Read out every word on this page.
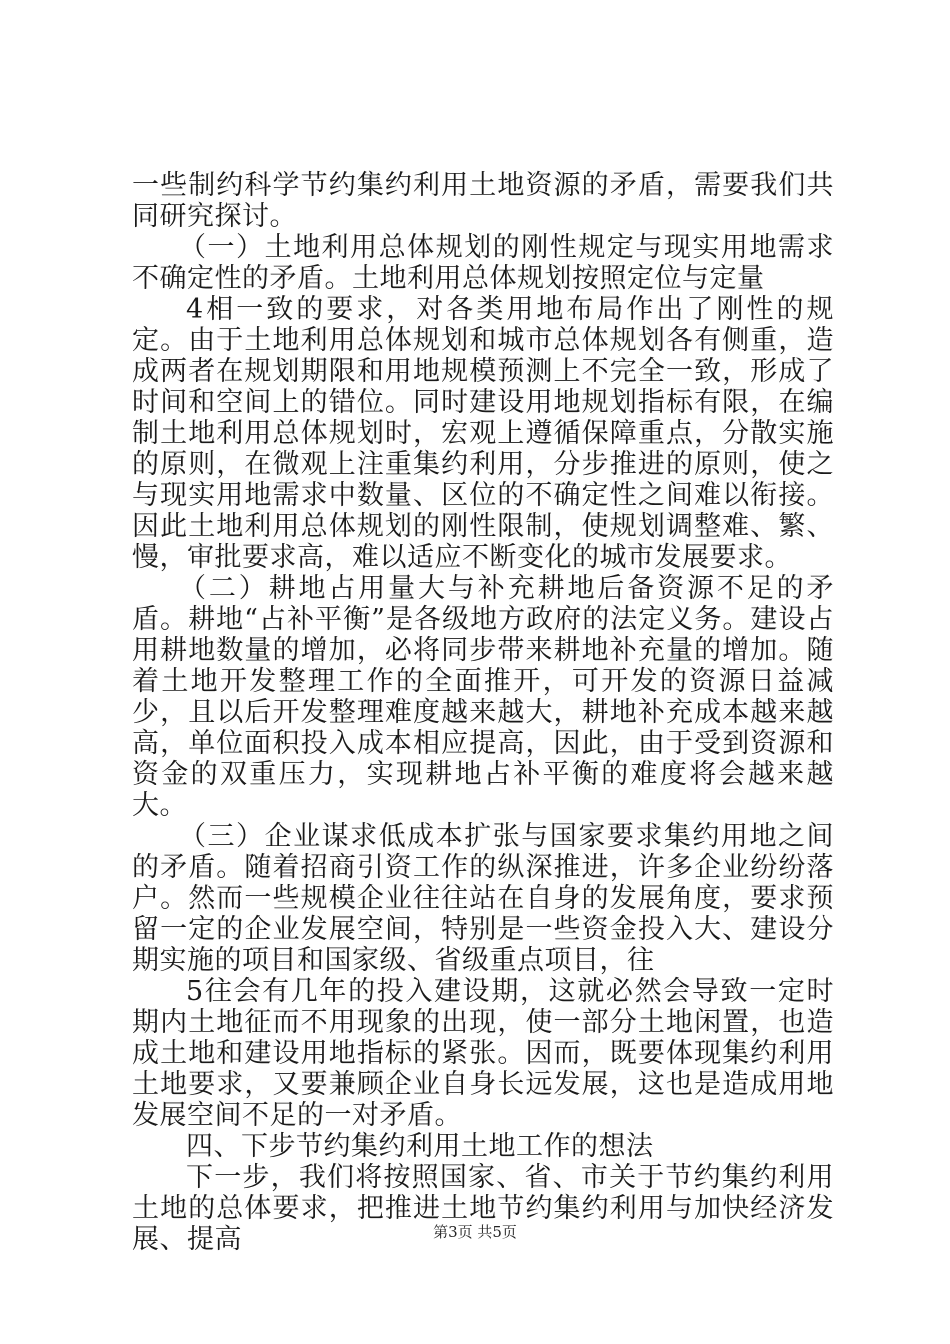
一些制约科学节约集约利用土地资源的矛盾，需要我们共同研究探讨。

（一）土地利用总体规划的刚性规定与现实用地需求不确定性的矛盾。土地利用总体规划按照定位与定量

4相一致的要求，对各类用地布局作出了刚性的规定。由于土地利用总体规划和城市总体规划各有侧重，造成两者在规划期限和用地规模预测上不完全一致，形成了时间和空间上的错位。同时建设用地规划指标有限，在编制土地利用总体规划时，宏观上遵循保障重点，分散实施的原则，在微观上注重集约利用，分步推进的原则，使之与现实用地需求中数量、区位的不确定性之间难以衔接。因此土地利用总体规划的刚性限制，使规划调整难、繁、慢，审批要求高，难以适应不断变化的城市发展要求。

（二）耕地占用量大与补充耕地后备资源不足的矛盾。耕地“占补平衡”是各级地方政府的法定义务。建设占用耕地数量的增加，必将同步带来耕地补充量的增加。随着土地开发整理工作的全面推开，可开发的资源日益减少，且以后开发整理难度越来越大，耕地补充成本越来越高，单位面积投入成本相应提高，因此，由于受到资源和资金的双重压力，实现耕地占补平衡的难度将会越来越大。

（三）企业谋求低成本扩张与国家要求集约用地之间的矛盾。随着招商引资工作的纵深推进，许多企业纷纷落户。然而一些规模企业往往站在自身的发展角度，要求预留一定的企业发展空间，特别是一些资金投入大、建设分期实施的项目和国家级、省级重点项目，往

5往会有几年的投入建设期，这就必然会导致一定时期内土地征而不用现象的出现，使一部分土地闲置，也造成土地和建设用地指标的紧张。因而，既要体现集约利用土地要求，又要兼顾企业自身长远发展，这也是造成用地发展空间不足的一对矛盾。

四、下步节约集约利用土地工作的想法

下一步，我们将按照国家、省、市关于节约集约利用土地的总体要求，把推进土地节约集约利用与加快经济发展、提高	第3页 共5页
